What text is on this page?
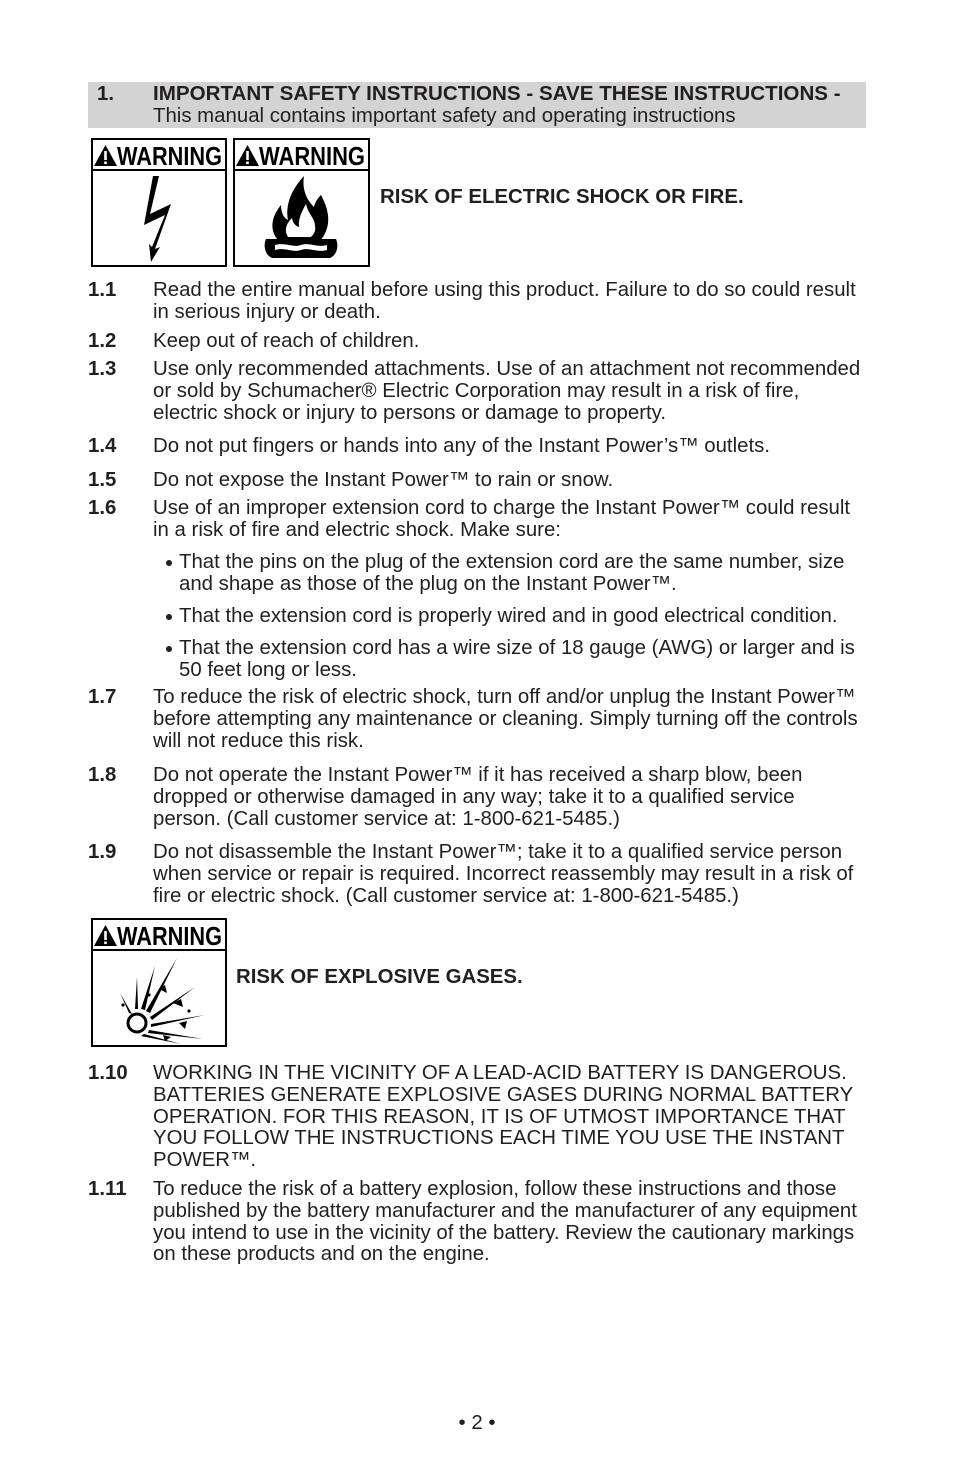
1. IMPORTANT SAFETY INSTRUCTIONS - SAVE THESE INSTRUCTIONS -
This manual contains important safety and operating instructions
WARNING WARNING
RISK OF ELECTRIC SHOCK OR FIRE.
1.1 Read the entire manual before using this product. Failure to do so could result
in serious injury or death.
1.2 Keep out of reach of children.
1.3 Use only recommended attachments. Use of an attachment not recommended
or sold by Schumacher® Electric Corporation may result in a risk of fire,
electric shock or injury to persons or damage to property.
1.4 Do not put fingers or hands into any of the Instant Power’s™ outlets.
1.5 Do not expose the Instant Power™ to rain or snow.
1.6 Use of an improper extension cord to charge the Instant Power™ could result
in a risk of fire and electric shock. Make sure:
That the pins on the plug of the extension cord are the same number, size
and shape as those of the plug on the Instant Power™.
That the extension cord is properly wired and in good electrical condition.
That the extension cord has a wire size of 18 gauge (AWG) or larger and is
50 feet long or less.
1.7 To reduce the risk of electric shock, turn off and/or unplug the Instant Power™
before attempting any maintenance or cleaning. Simply turning off the controls
will not reduce this risk.
1.8 Do not operate the Instant Power™ if it has received a sharp blow, been
dropped or otherwise damaged in any way; take it to a qualified service
person. (Call customer service at: 1-800-621-5485.)
1.9 Do not disassemble the Instant Power™; take it to a qualified service person
when service or repair is required. Incorrect reassembly may result in a risk of
fire or electric shock. (Call customer service at: 1-800-621-5485.)
WARNING
RISK OF EXPLOSIVE GASES.
1.10 WORKING IN THE VICINITY OF A LEAD-ACID BATTERY IS DANGEROUS.
BATTERIES GENERATE EXPLOSIVE GASES DURING NORMAL BATTERY
OPERATION. FOR THIS REASON, IT IS OF UTMOST IMPORTANCE THAT
YOU FOLLOW THE INSTRUCTIONS EACH TIME YOU USE THE INSTANT
POWER™.
1.11 To reduce the risk of a battery explosion, follow these instructions and those
published by the battery manufacturer and the manufacturer of any equipment
you intend to use in the vicinity of the battery. Review the cautionary markings
on these products and on the engine.
• 2 •
